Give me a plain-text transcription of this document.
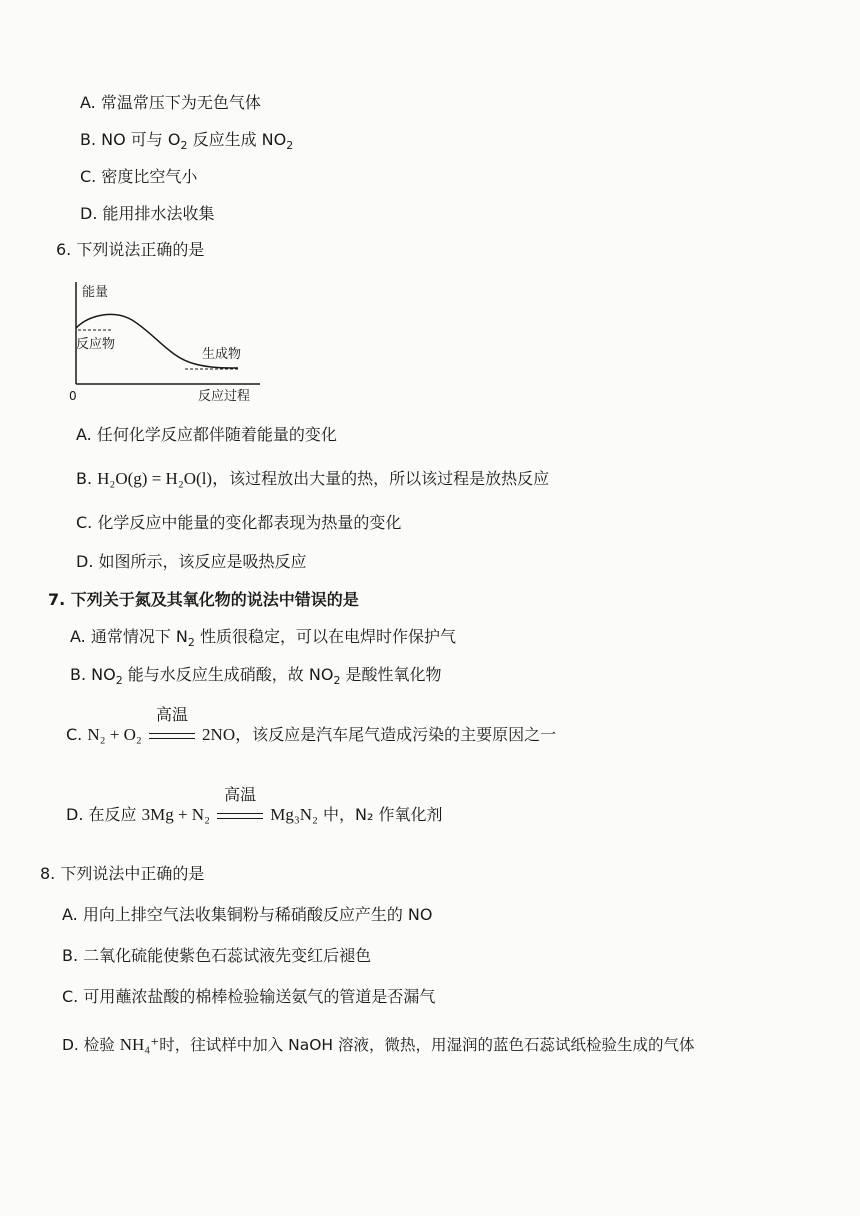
A. 常温常压下为无色气体
B. NO 可与 $O_2$ 反应生成 $NO_2$
C. 密度比空气小
D. 能用排水法收集
6. 下列说法正确的是
能量
反应物
生成物
0	反应过程
A. 任何化学反应都伴随着能量的变化
B. H₂O(g) = H₂O(l)，该过程放出大量的热，所以该过程是放热反应
C. 化学反应中能量的变化都表现为热量的变化
D. 如图所示，该反应是吸热反应
7. 下列关于氮及其氧化物的说法中错误的是
A. 通常情况下 $N_2$ 性质很稳定，可以在电焊时作保护气
B. $NO_2$ 能与水反应生成硝酸，故 $NO_2$ 是酸性氧化物
C. N₂ + O₂
高温
2NO，该反应是汽车尾气造成污染的主要原因之一
D. 在反应 3Mg + N₂
高温
Mg₃N₂ 中，N₂ 作氧化剂
8. 下列说法中正确的是
A. 用向上排空气法收集铜粉与稀硝酸反应产生的 NO
B. 二氧化硫能使紫色石蕊试液先变红后褪色
C. 可用蘸浓盐酸的棉棒检验输送氨气的管道是否漏气
D. 检验 NH₄⁺时，往试样中加入 NaOH 溶液，微热，用湿润的蓝色石蕊试纸检验生成的气体
